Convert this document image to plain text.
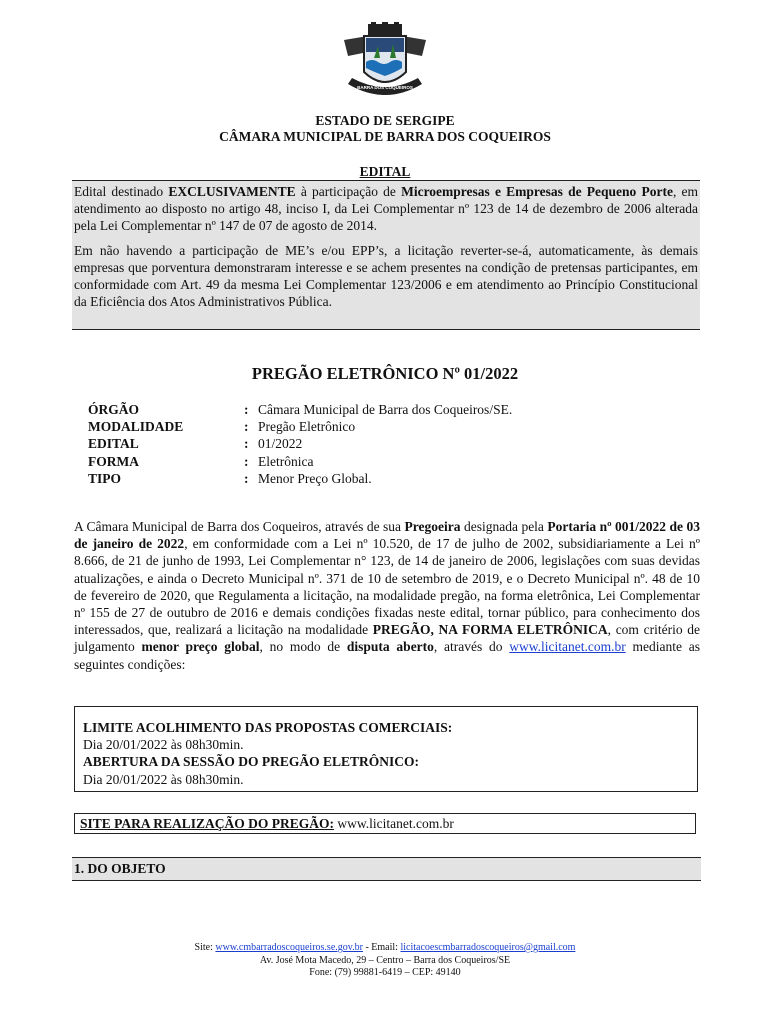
BARRA DOS COQUEIROS
ESTADO DE SERGIPE
CÂMARA MUNICIPAL DE BARRA DOS COQUEIROS
EDITAL

Edital destinado EXCLUSIVAMENTE à participação de Microempresas e Empresas de Pequeno Porte, em atendimento ao disposto no artigo 48, inciso I, da Lei Complementar nº 123 de 14 de dezembro de 2006 alterada pela Lei Complementar nº 147 de 07 de agosto de 2014.

Em não havendo a participação de ME’s e/ou EPP’s, a licitação reverter-se-á, automaticamente, às demais empresas que porventura demonstraram interesse e se achem presentes na condição de pretensas participantes, em conformidade com Art. 49 da mesma Lei Complementar 123/2006 e em atendimento ao Princípio Constitucional da Eficiência dos Atos Administrativos Pública.

PREGÃO ELETRÔNICO Nº 01/2022
ÓRGÃO	: Câmara Municipal de Barra dos Coqueiros/SE.
MODALIDADE	: Pregão Eletrônico
EDITAL	: 01/2022
FORMA	: Eletrônica
TIPO	: Menor Preço Global.
A Câmara Municipal de Barra dos Coqueiros, através de sua Pregoeira designada pela Portaria nº 001/2022 de 03 de janeiro de 2022, em conformidade com a Lei nº 10.520, de 17 de julho de 2002, subsidiariamente a Lei nº 8.666, de 21 de junho de 1993, Lei Complementar n° 123, de 14 de janeiro de 2006, legislações com suas devidas atualizações, e ainda o Decreto Municipal nº. 371 de 10 de setembro de 2019, e o Decreto Municipal nº. 48 de 10 de fevereiro de 2020, que Regulamenta a licitação, na modalidade pregão, na forma eletrônica, Lei Complementar nº 155 de 27 de outubro de 2016 e demais condições fixadas neste edital, tornar público, para conhecimento dos interessados, que, realizará a licitação na modalidade PREGÃO, NA FORMA ELETRÔNICA, com critério de julgamento menor preço global, no modo de disputa aberto, através do www.licitanet.com.br mediante as seguintes condições:
LIMITE ACOLHIMENTO DAS PROPOSTAS COMERCIAIS:
Dia 20/01/2022 às 08h30min.
ABERTURA DA SESSÃO DO PREGÃO ELETRÔNICO:
Dia 20/01/2022 às 08h30min.
SITE PARA REALIZAÇÃO DO PREGÃO: www.licitanet.com.br
1. DO OBJETO
Site: www.cmbarradoscoqueiros.se.gov.br - Email: licitacoescmbarradoscoqueiros@gmail.com
Av. José Mota Macedo, 29 – Centro – Barra dos Coqueiros/SE
Fone: (79) 99881-6419 – CEP: 49140
